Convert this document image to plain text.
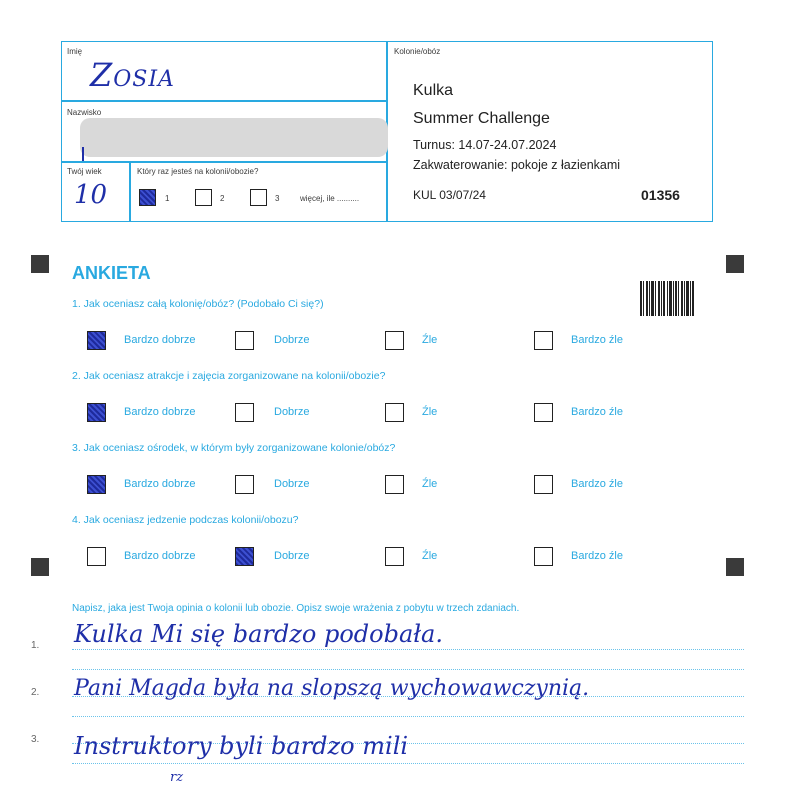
Imię
Zosia
Nazwisko
Twój wiek
10
Który raz jesteś na kolonii/obozie?
1	2	3	więcej, ile ..........
Kolonie/obóz
Kulka
Summer Challenge
Turnus: 14.07-24.07.2024
Zakwaterowanie: pokoje z łazienkami
KUL 03/07/24	01356
ANKIETA
1. Jak oceniasz całą kolonię/obóz? (Podobało Ci się?)
Bardzo dobrze	Dobrze	Źle	Bardzo źle
2. Jak oceniasz atrakcje i zajęcia zorganizowane na kolonii/obozie?
Bardzo dobrze	Dobrze	Źle	Bardzo źle
3. Jak oceniasz ośrodek, w którym były zorganizowane kolonie/obóz?
Bardzo dobrze	Dobrze	Źle	Bardzo źle
4. Jak oceniasz jedzenie podczas kolonii/obozu?
Bardzo dobrze	Dobrze	Źle	Bardzo źle
Napisz, jaka jest Twoja opinia o kolonii lub obozie. Opisz swoje wrażenia z pobytu w trzech zdaniach.
1.
2.
3.
Kulka Mi się bardzo podobała.
Pani Magda była na slopszą wychowawczynią.
Instruktory byli bardzo mili
rz
